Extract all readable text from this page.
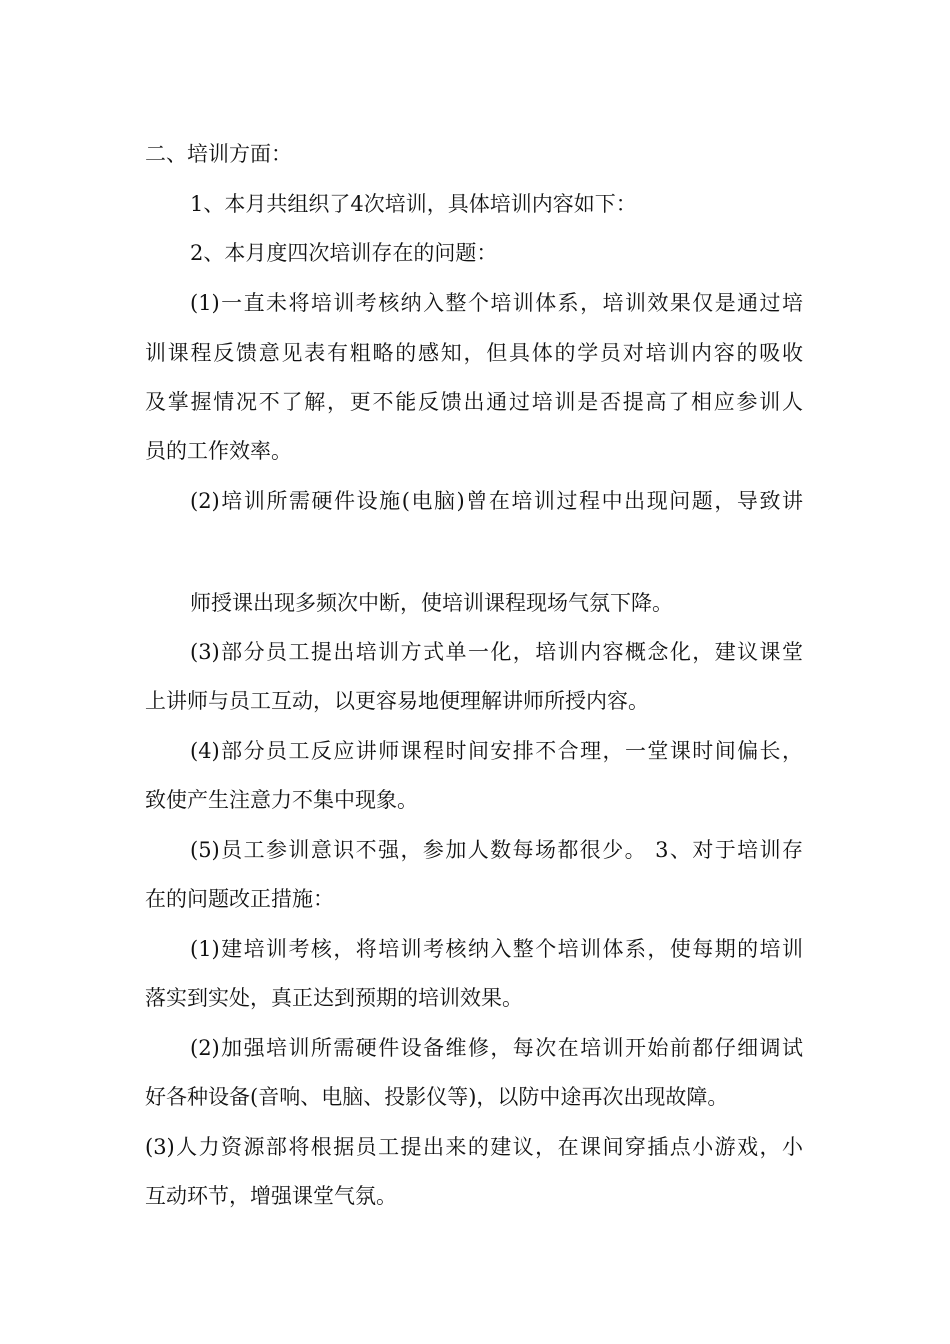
二、培训方面：
1、本月共组织了4次培训，具体培训内容如下：
2、本月度四次培训存在的问题：
(1)一直未将培训考核纳入整个培训体系，培训效果仅是通过培
训课程反馈意见表有粗略的感知，但具体的学员对培训内容的吸收
及掌握情况不了解，更不能反馈出通过培训是否提高了相应参训人
员的工作效率。
(2)培训所需硬件设施(电脑)曾在培训过程中出现问题，导致讲
师授课出现多频次中断，使培训课程现场气氛下降。
(3)部分员工提出培训方式单一化，培训内容概念化，建议课堂
上讲师与员工互动，以更容易地便理解讲师所授内容。
(4)部分员工反应讲师课程时间安排不合理，一堂课时间偏长，
致使产生注意力不集中现象。
(5)员工参训意识不强，参加人数每场都很少。 3、对于培训存
在的问题改正措施：
(1)建培训考核，将培训考核纳入整个培训体系，使每期的培训
落实到实处，真正达到预期的培训效果。
(2)加强培训所需硬件设备维修，每次在培训开始前都仔细调试
好各种设备(音响、电脑、投影仪等)，以防中途再次出现故障。
(3)人力资源部将根据员工提出来的建议，在课间穿插点小游戏，小
互动环节，增强课堂气氛。
